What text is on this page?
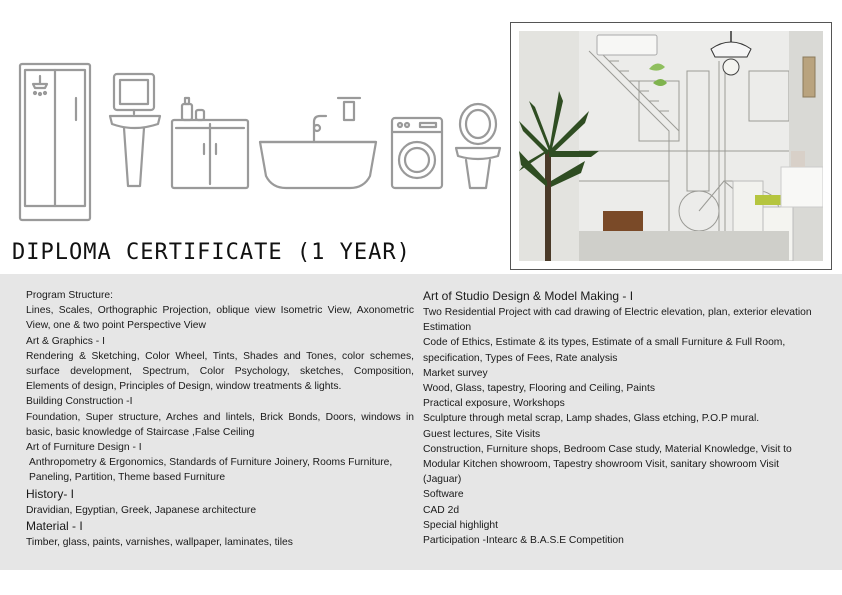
DIPLOMA CERTIFICATE (1 YEAR)

Program Structure:

Lines, Scales, Orthographic Projection, oblique view Isometric View, Axonometric View, one & two point Perspective View

Art & Graphics - I

Rendering & Sketching, Color Wheel, Tints, Shades and Tones, color schemes, surface development, Spectrum, Color Psychology, sketches, Composition, Elements of design, Principles of Design, window treatments & lights.

Building Construction -I

Foundation, Super structure, Arches and lintels, Brick Bonds, Doors, windows in basic, basic knowledge of Staircase ,False Ceiling

Art of Furniture Design - I

Anthropometry & Ergonomics, Standards of Furniture Joinery, Rooms Furniture, Paneling, Partition, Theme based Furniture

History- I

Dravidian, Egyptian, Greek, Japanese architecture

Material - I

Timber, glass, paints, varnishes, wallpaper, laminates, tiles

Art of Studio Design & Model Making - I

Two Residential Project with cad drawing of Electric elevation, plan, exterior elevation

Estimation

Code of Ethics, Estimate & its types, Estimate of a small Furniture & Full Room, specification, Types of Fees, Rate analysis

Market survey

Wood, Glass, tapestry, Flooring and Ceiling, Paints

Practical exposure, Workshops

Sculpture through metal scrap, Lamp shades, Glass etching, P.O.P mural.

Guest lectures, Site Visits

Construction, Furniture shops, Bedroom Case study, Material Knowledge, Visit to Modular Kitchen showroom, Tapestry showroom Visit, sanitary showroom Visit (Jaguar)

Software

CAD 2d

Special highlight

Participation -Intearc & B.A.S.E Competition
